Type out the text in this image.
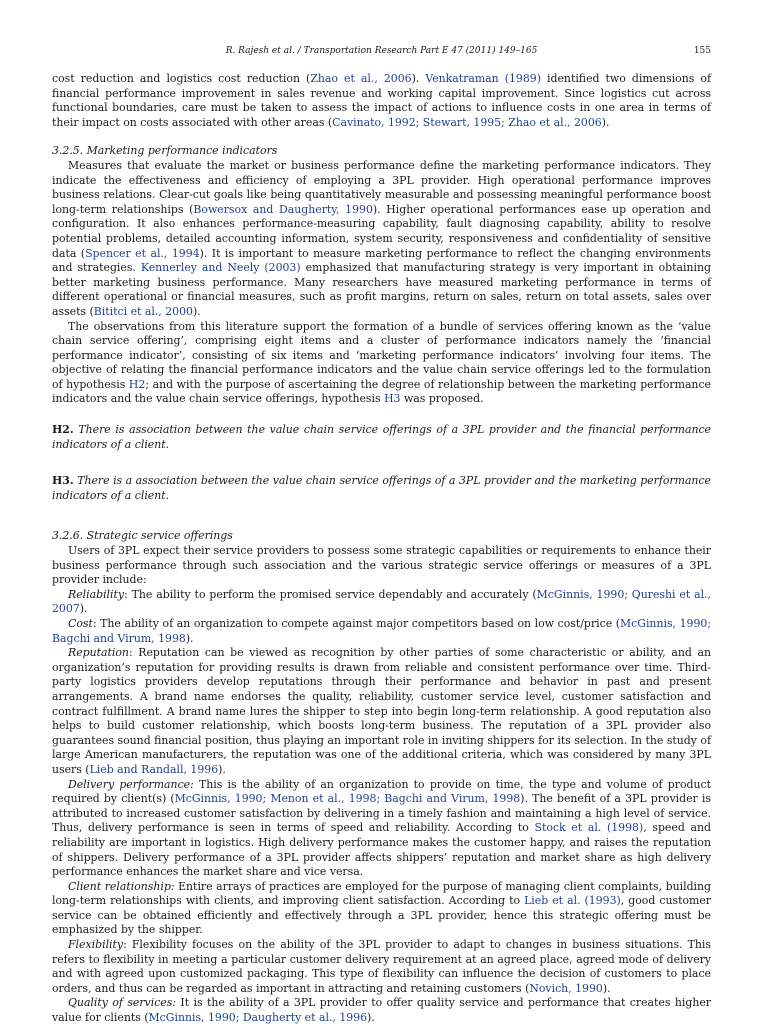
R. Rajesh et al. / Transportation Research Part E 47 (2011) 149–165	155

cost reduction and logistics cost reduction (Zhao et al., 2006). Venkatraman (1989) identified two dimensions of financial performance improvement in sales revenue and working capital improvement. Since logistics cut across functional boundaries, care must be taken to assess the impact of actions to influence costs in one area in terms of their impact on costs associated with other areas (Cavinato, 1992; Stewart, 1995; Zhao et al., 2006).

3.2.5. Marketing performance indicators

Measures that evaluate the market or business performance define the marketing performance indicators. They indicate the effectiveness and efficiency of employing a 3PL provider. High operational performance improves business relations. Clear-cut goals like being quantitatively measurable and possessing meaningful performance boost long-term relationships (Bowersox and Daugherty, 1990). Higher operational performances ease up operation and configuration. It also enhances performance-measuring capability, fault diagnosing capability, ability to resolve potential problems, detailed accounting information, system security, responsiveness and confidentiality of sensitive data (Spencer et al., 1994). It is important to measure marketing performance to reflect the changing environments and strategies. Kennerley and Neely (2003) emphasized that manufacturing strategy is very important in obtaining better marketing business performance. Many researchers have measured marketing performance in terms of different operational or financial measures, such as profit margins, return on sales, return on total assets, sales over assets (Bititci et al., 2000).

The observations from this literature support the formation of a bundle of services offering known as the ‘value chain service offering’, comprising eight items and a cluster of performance indicators namely the ‘financial performance indicator’, consisting of six items and ‘marketing performance indicators’ involving four items. The objective of relating the financial performance indicators and the value chain service offerings led to the formulation of hypothesis H2; and with the purpose of ascertaining the degree of relationship between the marketing performance indicators and the value chain service offerings, hypothesis H3 was proposed.

H2. There is association between the value chain service offerings of a 3PL provider and the financial performance indicators of a client.

H3. There is a association between the value chain service offerings of a 3PL provider and the marketing performance indicators of a client.

3.2.6. Strategic service offerings

Users of 3PL expect their service providers to possess some strategic capabilities or requirements to enhance their business performance through such association and the various strategic service offerings or measures of a 3PL provider include:

Reliability: The ability to perform the promised service dependably and accurately (McGinnis, 1990; Qureshi et al., 2007).

Cost: The ability of an organization to compete against major competitors based on low cost/price (McGinnis, 1990; Bagchi and Virum, 1998).

Reputation: Reputation can be viewed as recognition by other parties of some characteristic or ability, and an organization’s reputation for providing results is drawn from reliable and consistent performance over time. Third-party logistics providers develop reputations through their performance and behavior in past and present arrangements. A brand name endorses the quality, reliability, customer service level, customer satisfaction and contract fulfillment. A brand name lures the shipper to step into begin long-term relationship. A good reputation also helps to build customer relationship, which boosts long-term business. The reputation of a 3PL provider also guarantees sound financial position, thus playing an important role in inviting shippers for its selection. In the study of large American manufacturers, the reputation was one of the additional criteria, which was considered by many 3PL users (Lieb and Randall, 1996).

Delivery performance: This is the ability of an organization to provide on time, the type and volume of product required by client(s) (McGinnis, 1990; Menon et al., 1998; Bagchi and Virum, 1998). The benefit of a 3PL provider is attributed to increased customer satisfaction by delivering in a timely fashion and maintaining a high level of service. Thus, delivery performance is seen in terms of speed and reliability. According to Stock et al. (1998), speed and reliability are important in logistics. High delivery performance makes the customer happy, and raises the reputation of shippers. Delivery performance of a 3PL provider affects shippers’ reputation and market share as high delivery performance enhances the market share and vice versa.

Client relationship: Entire arrays of practices are employed for the purpose of managing client complaints, building long-term relationships with clients, and improving client satisfaction. According to Lieb et al. (1993), good customer service can be obtained efficiently and effectively through a 3PL provider, hence this strategic offering must be emphasized by the shipper.

Flexibility: Flexibility focuses on the ability of the 3PL provider to adapt to changes in business situations. This refers to flexibility in meeting a particular customer delivery requirement at an agreed place, agreed mode of delivery and with agreed upon customized packaging. This type of flexibility can influence the decision of customers to place orders, and thus can be regarded as important in attracting and retaining customers (Novich, 1990).

Quality of services: It is the ability of a 3PL provider to offer quality service and performance that creates higher value for clients (McGinnis, 1990; Daugherty et al., 1996).
